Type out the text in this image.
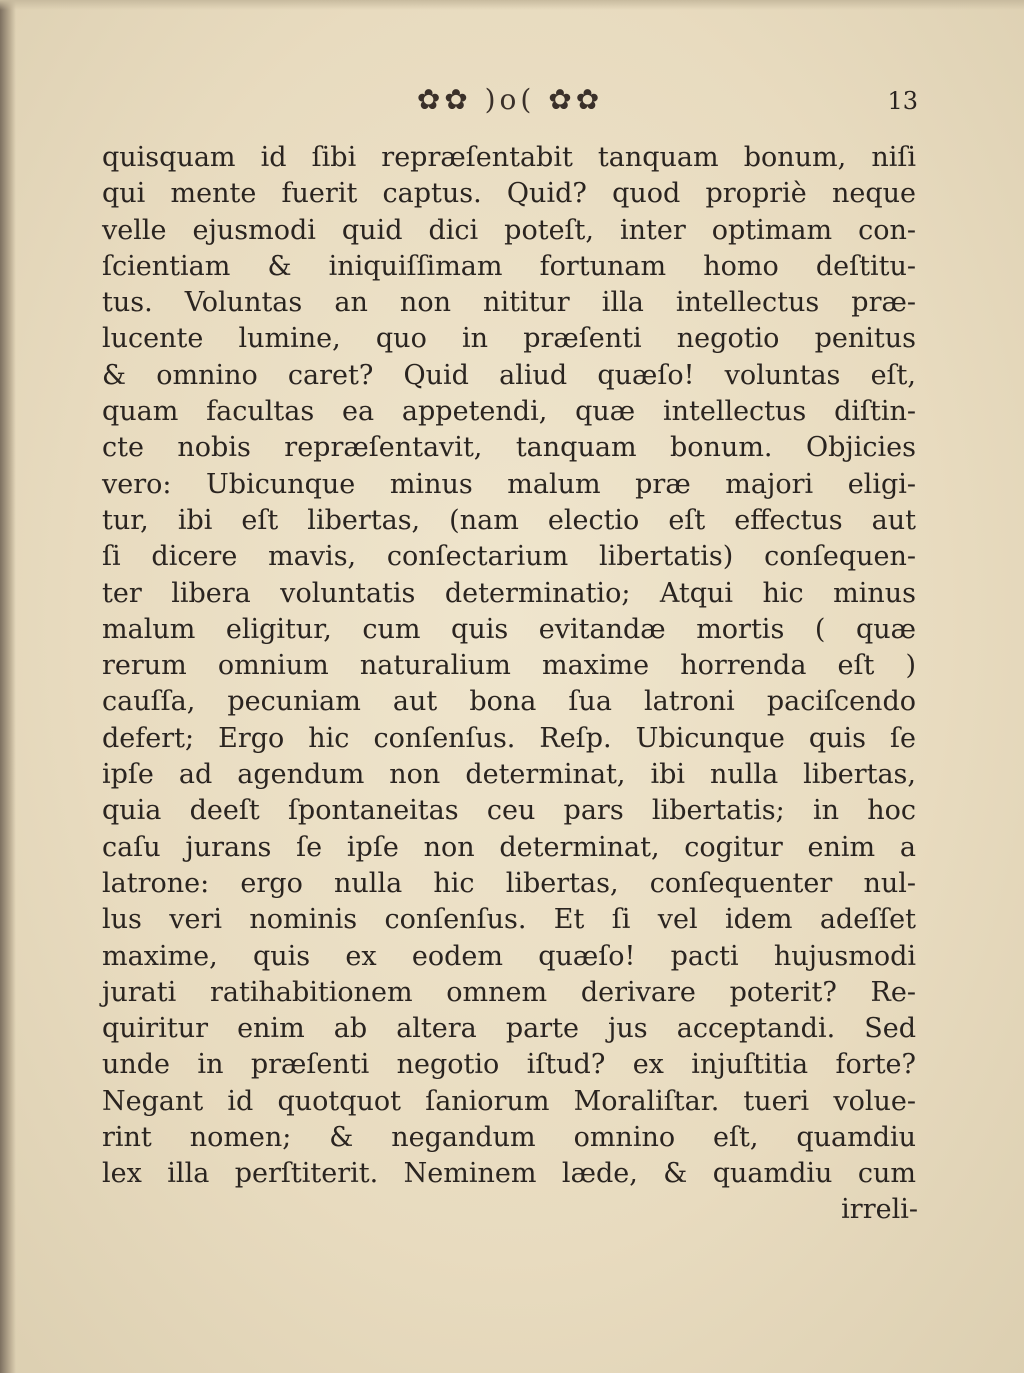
✿✿ )o( ✿✿	13
quisquam id ſibi repræſentabit tanquam bonum, niſi
qui mente fuerit captus. Quid? quod propriè neque
velle ejusmodi quid dici poteſt, inter optimam con-
ſcientiam & iniquiſſimam fortunam homo deſtitu-
tus. Voluntas an non nititur illa intellectus præ-
lucente lumine, quo in præſenti negotio penitus
& omnino caret? Quid aliud quæſo! voluntas eſt,
quam facultas ea appetendi, quæ intellectus diſtin-
cte nobis repræſentavit, tanquam bonum. Objicies
vero: Ubicunque minus malum præ majori eligi-
tur, ibi eſt libertas, (nam electio eſt effectus aut
ſi dicere mavis, conſectarium libertatis) conſequen-
ter libera voluntatis determinatio; Atqui hic minus
malum eligitur, cum quis evitandæ mortis ( quæ
rerum omnium naturalium maxime horrenda eſt )
cauſſa, pecuniam aut bona ſua latroni paciſcendo
defert; Ergo hic conſenſus. Reſp. Ubicunque quis ſe
ipſe ad agendum non determinat, ibi nulla libertas,
quia deeſt ſpontaneitas ceu pars libertatis; in hoc
caſu jurans ſe ipſe non determinat, cogitur enim a
latrone: ergo nulla hic libertas, conſequenter nul-
lus veri nominis conſenſus. Et ſi vel idem adeſſet
maxime, quis ex eodem quæſo! pacti hujusmodi
jurati ratihabitionem omnem derivare poterit? Re-
quiritur enim ab altera parte jus acceptandi. Sed
unde in præſenti negotio iſtud? ex injuſtitia forte?
Negant id quotquot ſaniorum Moraliſtar. tueri volue-
rint nomen; & negandum omnino eſt, quamdiu
lex illa perſtiterit. Neminem læde, & quamdiu cum
irreli-
